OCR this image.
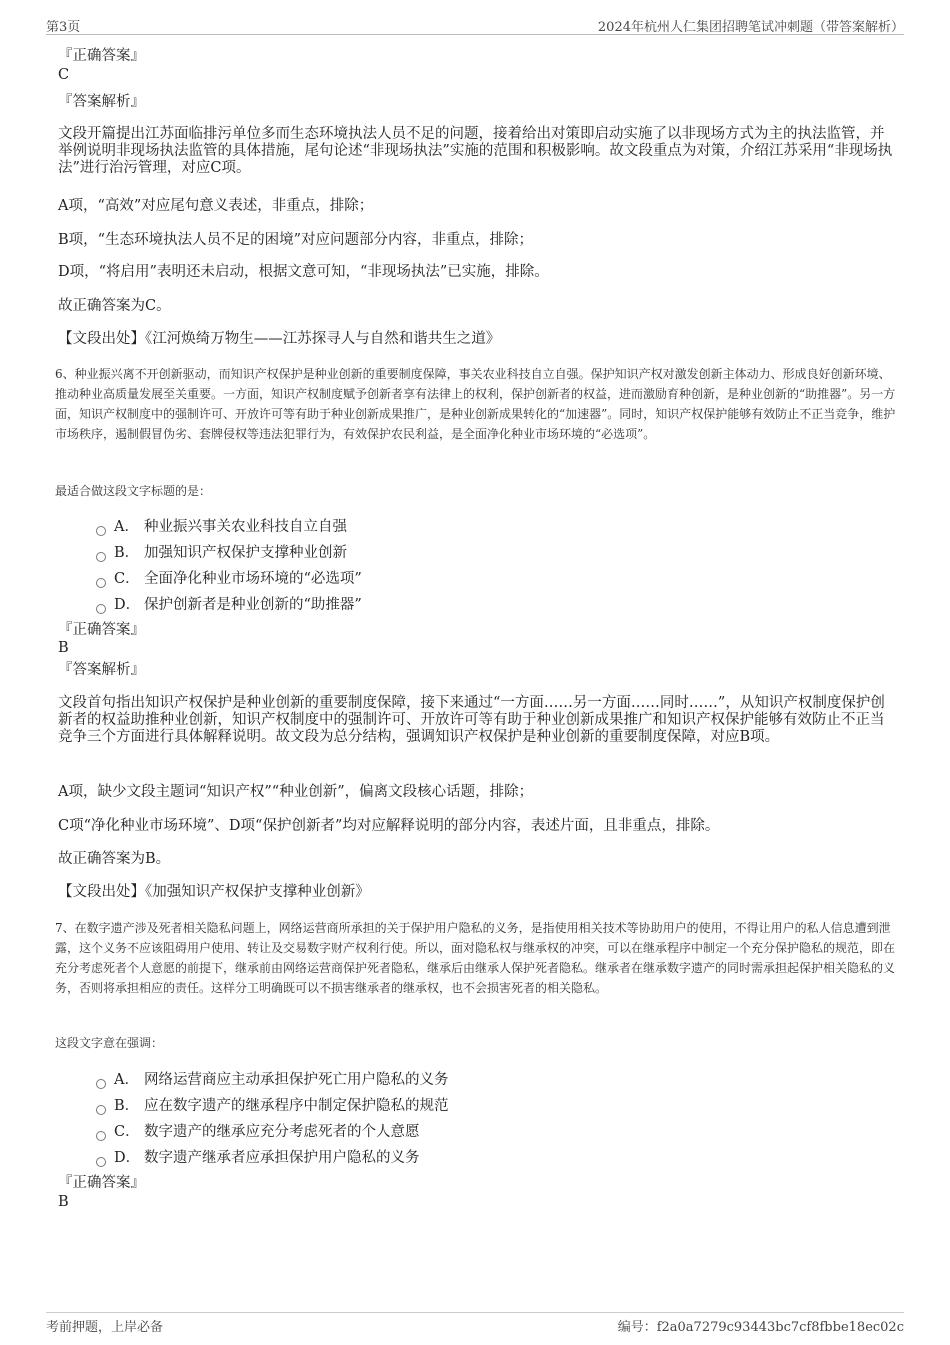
第3页	2024年杭州人仁集团招聘笔试冲刺题（带答案解析）
『正确答案』
C
『答案解析』
文段开篇提出江苏面临排污单位多而生态环境执法人员不足的问题，接着给出对策即启动实施了以非现场方式为主的执法监管，并举例说明非现场执法监管的具体措施，尾句论述“非现场执法”实施的范围和积极影响。故文段重点为对策，介绍江苏采用“非现场执法”进行治污管理，对应C项。
A项，“高效”对应尾句意义表述，非重点，排除；
B项，“生态环境执法人员不足的困境”对应问题部分内容，非重点，排除；
D项，“将启用”表明还未启动，根据文意可知，“非现场执法”已实施，排除。
故正确答案为C。
【文段出处】《江河焕绮万物生——江苏探寻人与自然和谐共生之道》
6、种业振兴离不开创新驱动，而知识产权保护是种业创新的重要制度保障，事关农业科技自立自强。保护知识产权对激发创新主体动力、形成良好创新环境、推动种业高质量发展至关重要。一方面，知识产权制度赋予创新者享有法律上的权利，保护创新者的权益，进而激励育种创新，是种业创新的“助推器”。另一方面，知识产权制度中的强制许可、开放许可等有助于种业创新成果推广，是种业创新成果转化的“加速器”。同时，知识产权保护能够有效防止不正当竞争，维护市场秩序，遏制假冒伪劣、套牌侵权等违法犯罪行为，有效保护农民利益，是全面净化种业市场环境的“必选项”。
最适合做这段文字标题的是：
A． 种业振兴事关农业科技自立自强
B． 加强知识产权保护支撑种业创新
C． 全面净化种业市场环境的“必选项”
D． 保护创新者是种业创新的“助推器”
『正确答案』
B
『答案解析』
文段首句指出知识产权保护是种业创新的重要制度保障，接下来通过“一方面……另一方面……同时……”，从知识产权制度保护创新者的权益助推种业创新，知识产权制度中的强制许可、开放许可等有助于种业创新成果推广和知识产权保护能够有效防止不正当竞争三个方面进行具体解释说明。故文段为总分结构，强调知识产权保护是种业创新的重要制度保障，对应B项。
A项，缺少文段主题词“知识产权”“种业创新”，偏离文段核心话题，排除；
C项“净化种业市场环境”、D项“保护创新者”均对应解释说明的部分内容，表述片面，且非重点，排除。
故正确答案为B。
【文段出处】《加强知识产权保护支撑种业创新》
7、在数字遗产涉及死者相关隐私问题上，网络运营商所承担的关于保护用户隐私的义务，是指使用相关技术等协助用户的使用，不得让用户的私人信息遭到泄露，这个义务不应该阻碍用户使用、转让及交易数字财产权利行使。所以，面对隐私权与继承权的冲突，可以在继承程序中制定一个充分保护隐私的规范，即在充分考虑死者个人意愿的前提下，继承前由网络运营商保护死者隐私，继承后由继承人保护死者隐私。继承者在继承数字遗产的同时需承担起保护相关隐私的义务，否则将承担相应的责任。这样分工明确既可以不损害继承者的继承权，也不会损害死者的相关隐私。
这段文字意在强调：
A． 网络运营商应主动承担保护死亡用户隐私的义务
B． 应在数字遗产的继承程序中制定保护隐私的规范
C． 数字遗产的继承应充分考虑死者的个人意愿
D． 数字遗产继承者应承担保护用户隐私的义务
『正确答案』
B
考前押题，上岸必备	编号：f2a0a7279c93443bc7cf8fbbe18ec02c
